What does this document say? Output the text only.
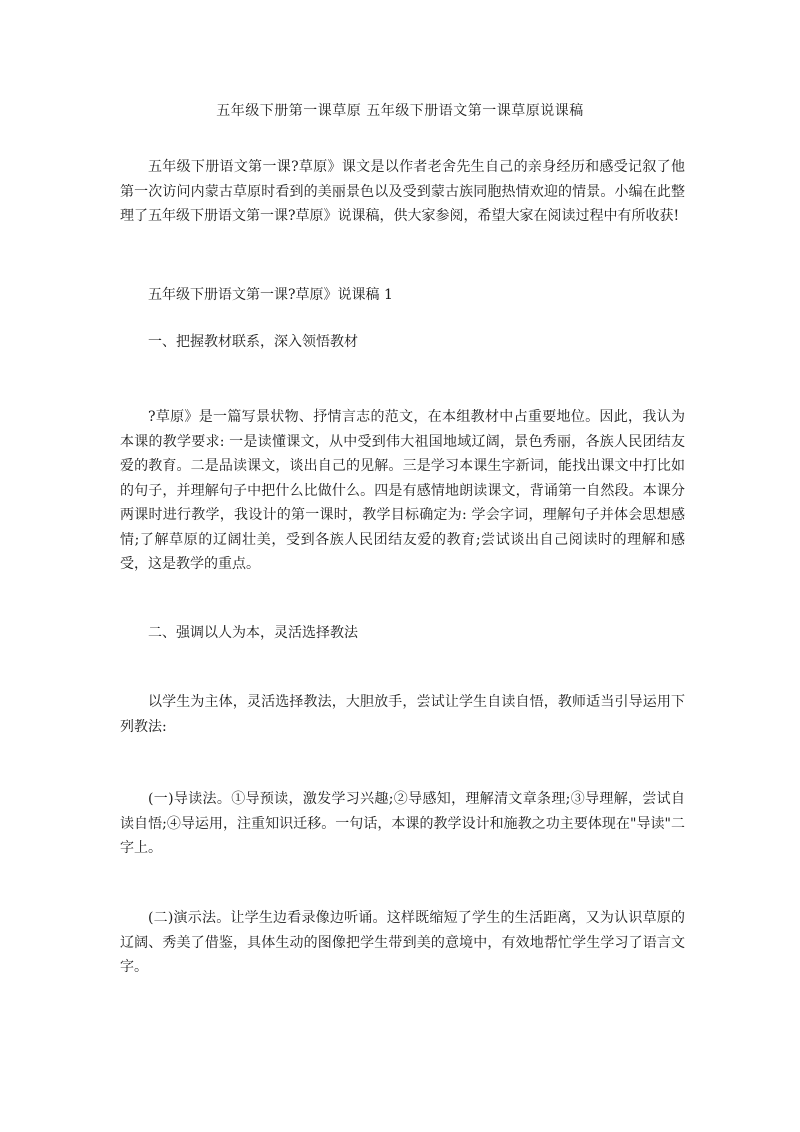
五年级下册第一课草原 五年级下册语文第一课草原说课稿

五年级下册语文第一课?草原》课文是以作者老舍先生自己的亲身经历和感受记叙了他第一次访问内蒙古草原时看到的美丽景色以及受到蒙古族同胞热情欢迎的情景。小编在此整理了五年级下册语文第一课?草原》说课稿，供大家参阅，希望大家在阅读过程中有所收获!

五年级下册语文第一课?草原》说课稿 1

一、把握教材联系，深入领悟教材

?草原》是一篇写景状物、抒情言志的范文，在本组教材中占重要地位。因此，我认为本课的教学要求: 一是读懂课文，从中受到伟大祖国地域辽阔，景色秀丽，各族人民团结友爱的教育。二是品读课文，谈出自己的见解。三是学习本课生字新词，能找出课文中打比如的句子，并理解句子中把什么比做什么。四是有感情地朗读课文，背诵第一自然段。本课分两课时进行教学，我设计的第一课时，教学目标确定为: 学会字词，理解句子并体会思想感情;了解草原的辽阔壮美，受到各族人民团结友爱的教育;尝试谈出自己阅读时的理解和感受，这是教学的重点。

二、强调以人为本，灵活选择教法

以学生为主体，灵活选择教法，大胆放手，尝试让学生自读自悟，教师适当引导运用下列教法:

(一)导读法。①导预读，激发学习兴趣;②导感知，理解清文章条理;③导理解，尝试自读自悟;④导运用，注重知识迁移。一句话，本课的教学设计和施教之功主要体现在"导读"二字上。

(二)演示法。让学生边看录像边听诵。这样既缩短了学生的生活距离，又为认识草原的辽阔、秀美了借鉴，具体生动的图像把学生带到美的意境中，有效地帮忙学生学习了语言文字。
